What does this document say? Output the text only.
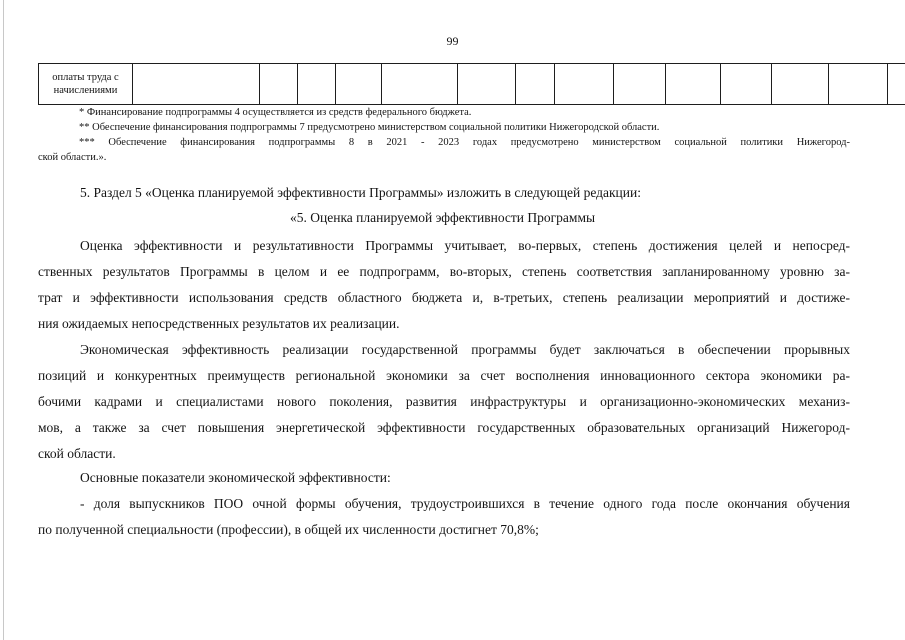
99
оплаты труда с
начислениями

* Финансирование подпрограммы 4 осуществляется из средств федерального бюджета.
** Обеспечение финансирования подпрограммы 7 предусмотрено министерством социальной политики Нижегородской области.
*** Обеспечение финансирования подпрограммы 8 в 2021 - 2023 годах предусмотрено министерством социальной политики Нижегород-
ской области.».
5. Раздел 5 «Оценка планируемой эффективности Программы» изложить в следующей редакции:
«5. Оценка планируемой эффективности Программы
Оценка эффективности и результативности Программы учитывает, во-первых, степень достижения целей и непосред-
ственных результатов Программы в целом и ее подпрограмм, во-вторых, степень соответствия запланированному уровню за-
трат и эффективности использования средств областного бюджета и, в-третьих, степень реализации мероприятий и достиже-
ния ожидаемых непосредственных результатов их реализации.
Экономическая эффективность реализации государственной программы будет заключаться в обеспечении прорывных
позиций и конкурентных преимуществ региональной экономики за счет восполнения инновационного сектора экономики ра-
бочими кадрами и специалистами нового поколения, развития инфраструктуры и организационно-экономических механиз-
мов, а также за счет повышения энергетической эффективности государственных образовательных организаций Нижегород-
ской области.
Основные показатели экономической эффективности:
- доля выпускников ПОО очной формы обучения, трудоустроившихся в течение одного года после окончания обучения
по полученной специальности (профессии), в общей их численности достигнет 70,8%;
